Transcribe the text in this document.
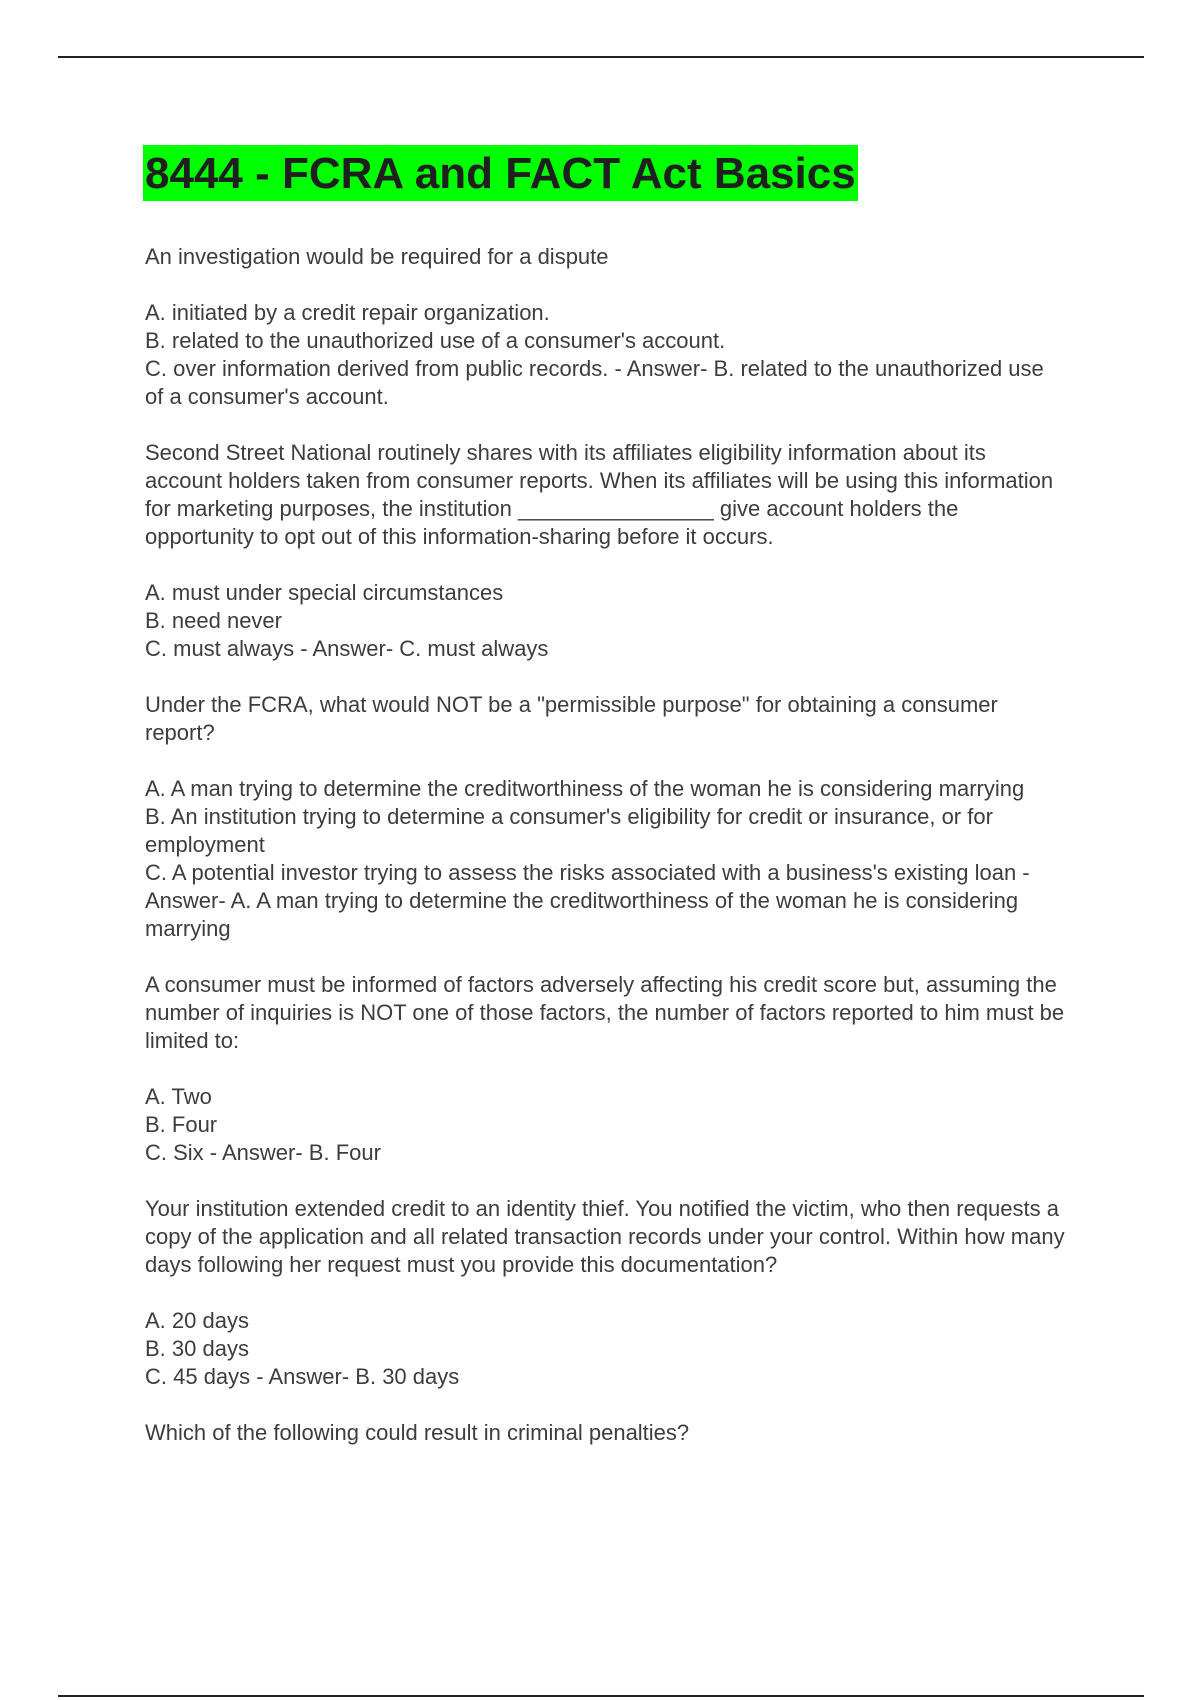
8444 - FCRA and FACT Act Basics

An investigation would be required for a dispute

A. initiated by a credit repair organization.

B. related to the unauthorized use of a consumer's account.

C. over information derived from public records. - Answer- B. related to the unauthorized use of a consumer's account.

Second Street National routinely shares with its affiliates eligibility information about its account holders taken from consumer reports. When its affiliates will be using this information for marketing purposes, the institution ________________ give account holders the opportunity to opt out of this information-sharing before it occurs.

A. must under special circumstances

B. need never

C. must always - Answer- C. must always

Under the FCRA, what would NOT be a "permissible purpose" for obtaining a consumer report?

A. A man trying to determine the creditworthiness of the woman he is considering marrying

B. An institution trying to determine a consumer's eligibility for credit or insurance, or for employment

C. A potential investor trying to assess the risks associated with a business's existing loan - Answer- A. A man trying to determine the creditworthiness of the woman he is considering marrying

A consumer must be informed of factors adversely affecting his credit score but, assuming the number of inquiries is NOT one of those factors, the number of factors reported to him must be limited to:

A. Two

B. Four

C. Six - Answer- B. Four

Your institution extended credit to an identity thief. You notified the victim, who then requests a copy of the application and all related transaction records under your control. Within how many days following her request must you provide this documentation?

A. 20 days

B. 30 days

C. 45 days - Answer- B. 30 days

Which of the following could result in criminal penalties?
